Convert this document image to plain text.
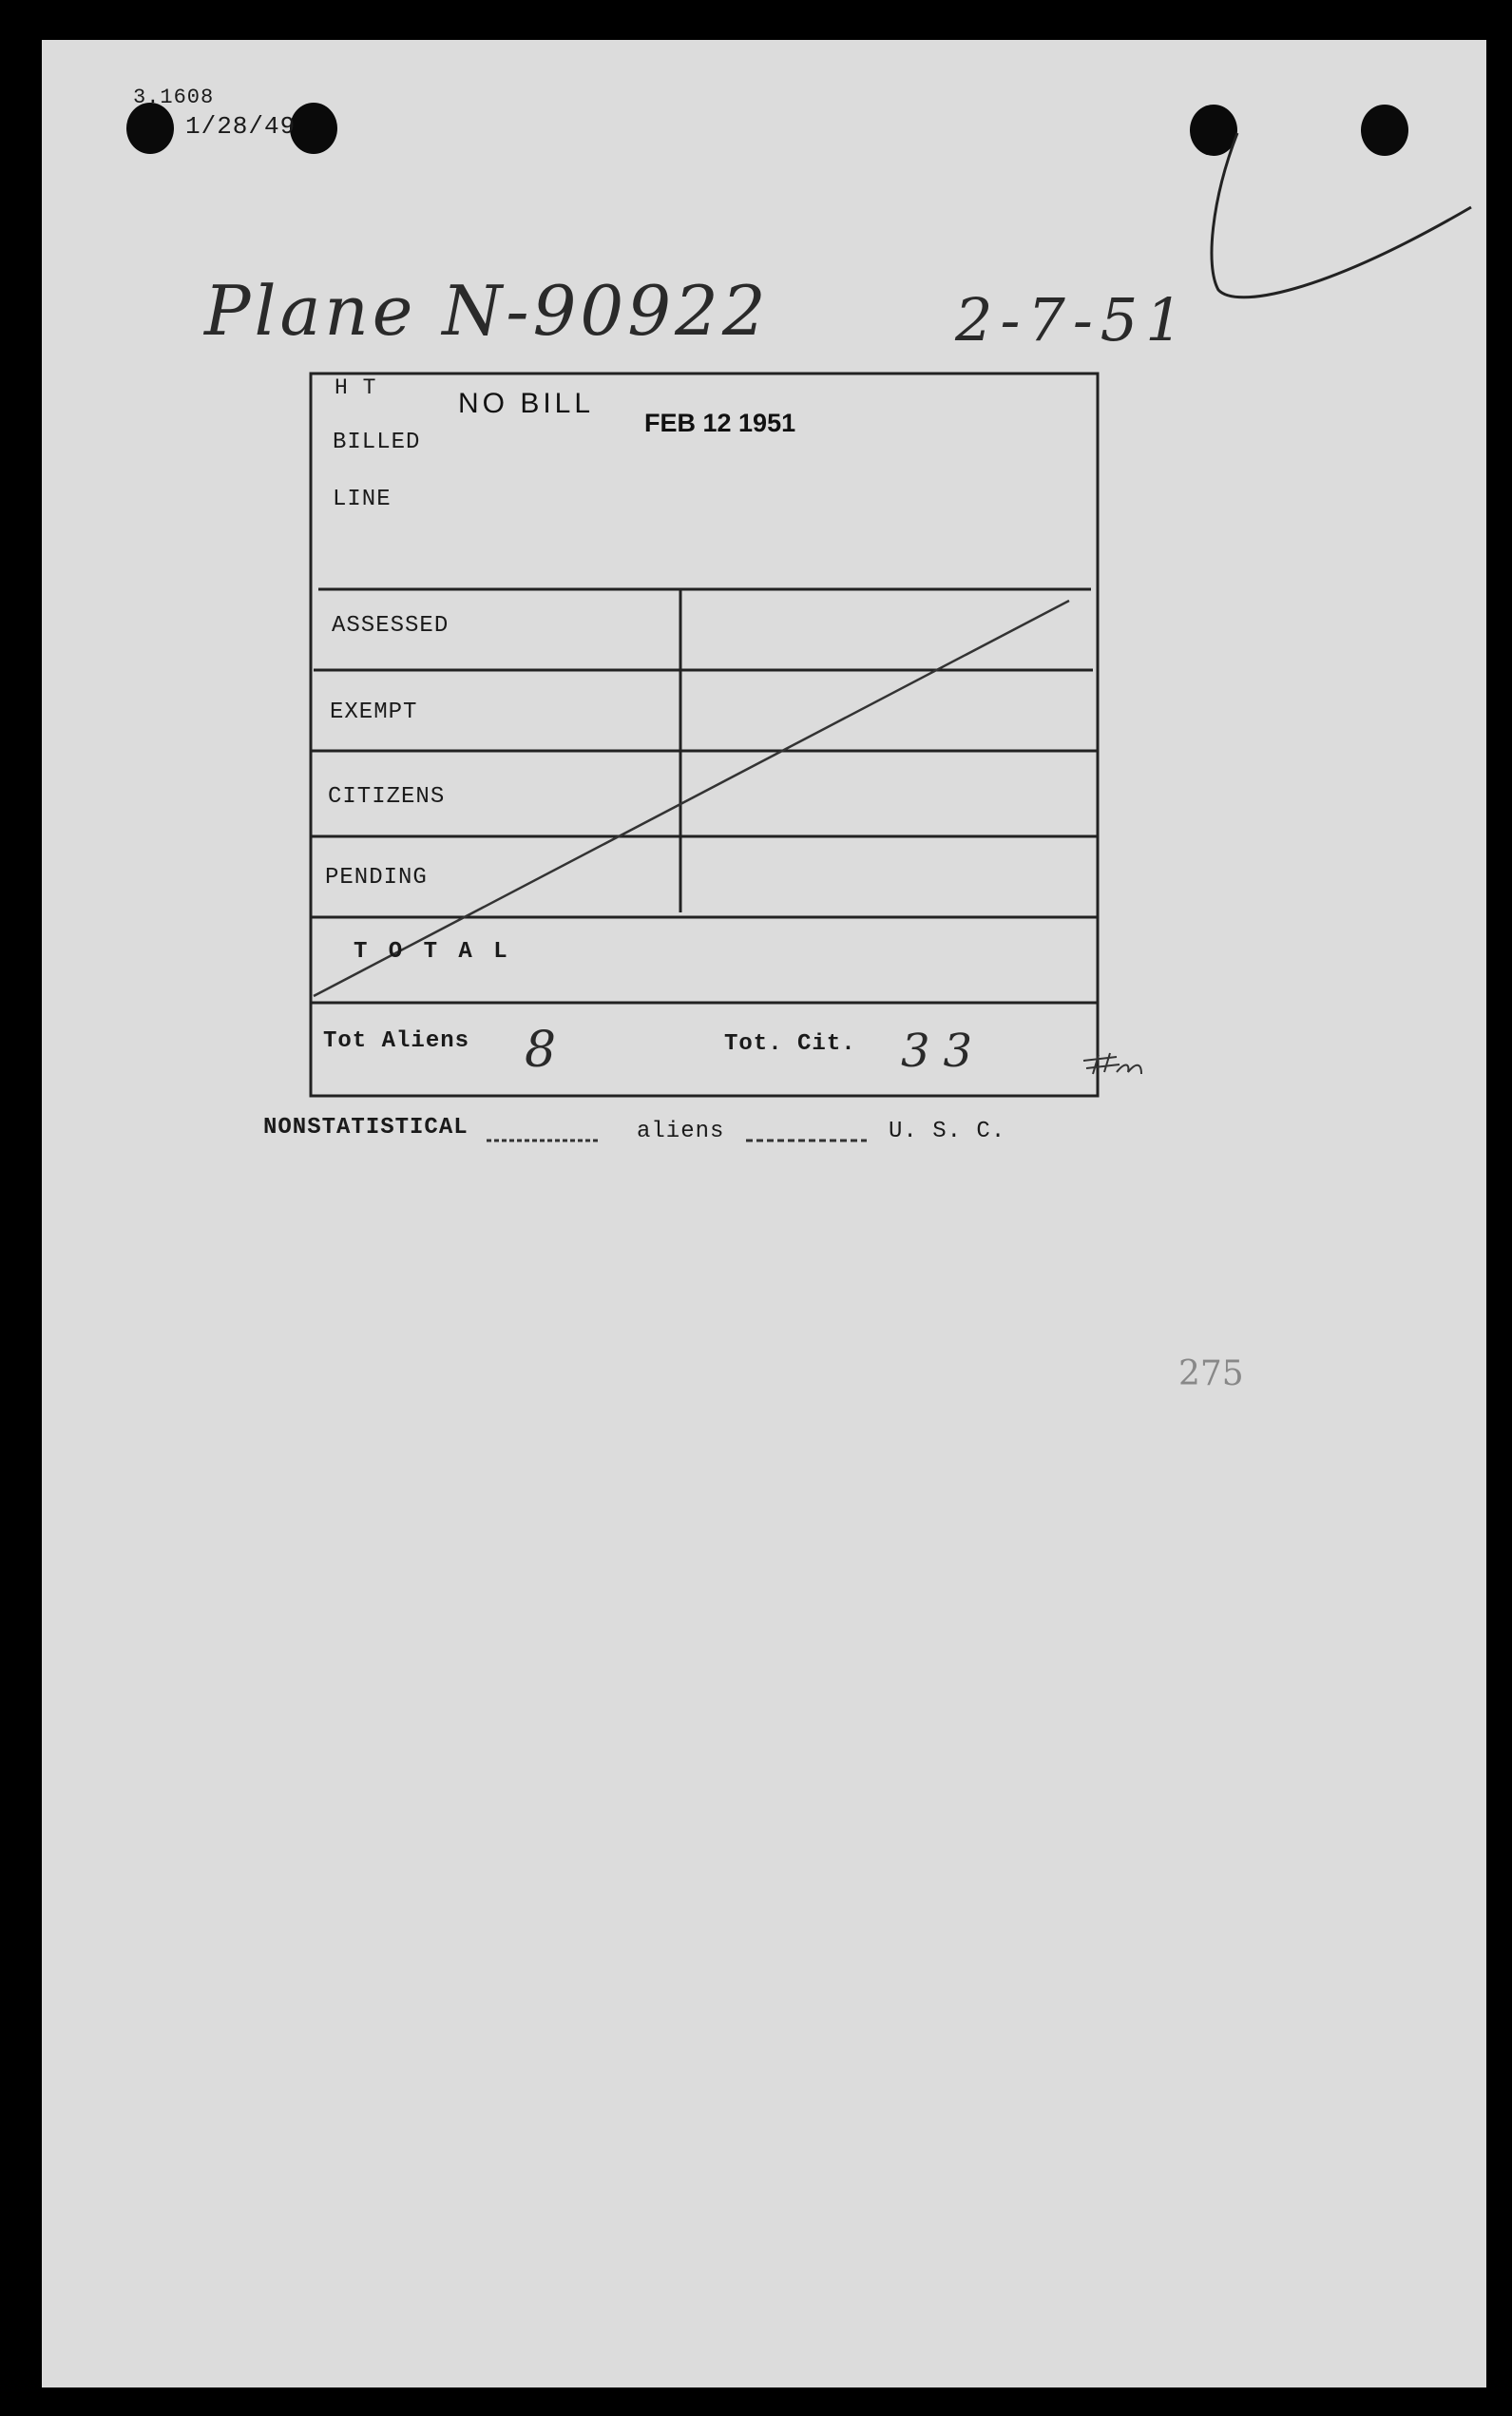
3.1608
1/28/49
Plane N-90922	2-7-51
H T
BILLED
LINE
NO BILL
FEB 12 1951
ASSESSED
EXEMPT
CITIZENS
PENDING
T O T A L
Tot Aliens 8	Tot. Cit. 33
NONSTATISTICAL	aliens	U. S. C.
275
